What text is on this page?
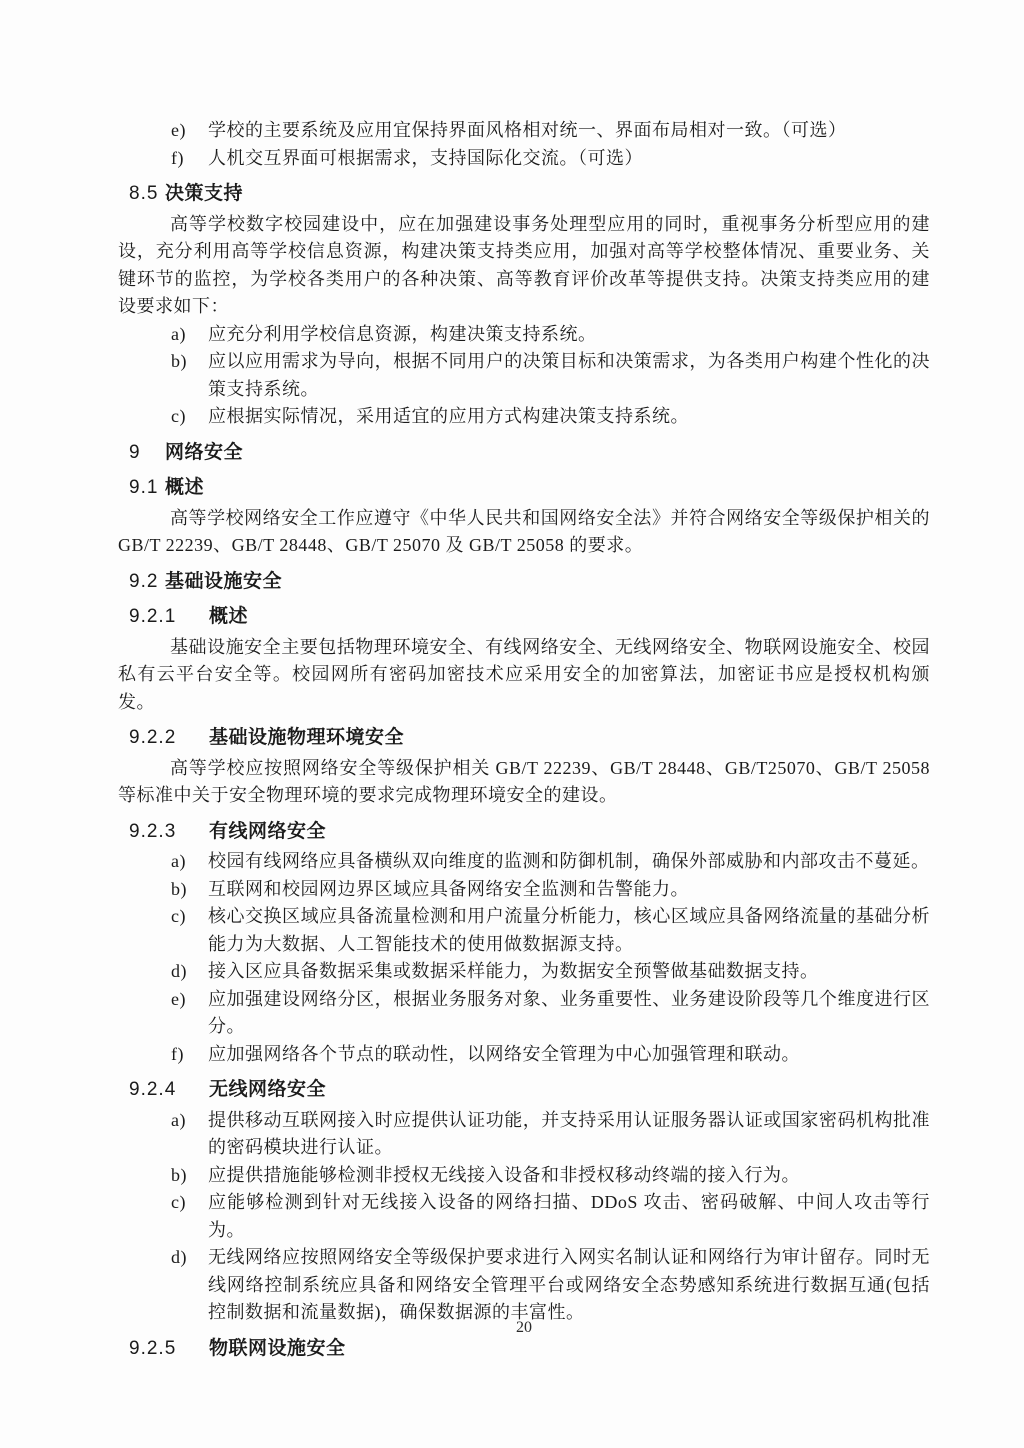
e)	学校的主要系统及应用宜保持界面风格相对统一、界面布局相对一致。（可选）
f)	人机交互界面可根据需求，支持国际化交流。（可选）
8.5 决策支持
高等学校数字校园建设中，应在加强建设事务处理型应用的同时，重视事务分析型应用的建设，充分利用高等学校信息资源，构建决策支持类应用，加强对高等学校整体情况、重要业务、关键环节的监控，为学校各类用户的各种决策、高等教育评价改革等提供支持。决策支持类应用的建设要求如下：
a)	应充分利用学校信息资源，构建决策支持系统。
b)	应以应用需求为导向，根据不同用户的决策目标和决策需求，为各类用户构建个性化的决策支持系统。
c)	应根据实际情况，采用适宜的应用方式构建决策支持系统。
9 网络安全
9.1 概述
高等学校网络安全工作应遵守《中华人民共和国网络安全法》并符合网络安全等级保护相关的 GB/T 22239、GB/T 28448、GB/T 25070 及 GB/T 25058 的要求。
9.2 基础设施安全
9.2.1 概述
基础设施安全主要包括物理环境安全、有线网络安全、无线网络安全、物联网设施安全、校园私有云平台安全等。校园网所有密码加密技术应采用安全的加密算法，加密证书应是授权机构颁发。
9.2.2 基础设施物理环境安全
高等学校应按照网络安全等级保护相关 GB/T 22239、GB/T 28448、GB/T25070、GB/T 25058 等标准中关于安全物理环境的要求完成物理环境安全的建设。
9.2.3 有线网络安全
a)	校园有线网络应具备横纵双向维度的监测和防御机制，确保外部威胁和内部攻击不蔓延。
b)	互联网和校园网边界区域应具备网络安全监测和告警能力。
c)	核心交换区域应具备流量检测和用户流量分析能力，核心区域应具备网络流量的基础分析能力为大数据、人工智能技术的使用做数据源支持。
d)	接入区应具备数据采集或数据采样能力，为数据安全预警做基础数据支持。
e)	应加强建设网络分区，根据业务服务对象、业务重要性、业务建设阶段等几个维度进行区分。
f)	应加强网络各个节点的联动性，以网络安全管理为中心加强管理和联动。
9.2.4 无线网络安全
a)	提供移动互联网接入时应提供认证功能，并支持采用认证服务器认证或国家密码机构批准的密码模块进行认证。
b)	应提供措施能够检测非授权无线接入设备和非授权移动终端的接入行为。
c)	应能够检测到针对无线接入设备的网络扫描、DDoS 攻击、密码破解、中间人攻击等行为。
d)	无线网络应按照网络安全等级保护要求进行入网实名制认证和网络行为审计留存。同时无线网络控制系统应具备和网络安全管理平台或网络安全态势感知系统进行数据互通(包括控制数据和流量数据)，确保数据源的丰富性。
9.2.5 物联网设施安全
20
